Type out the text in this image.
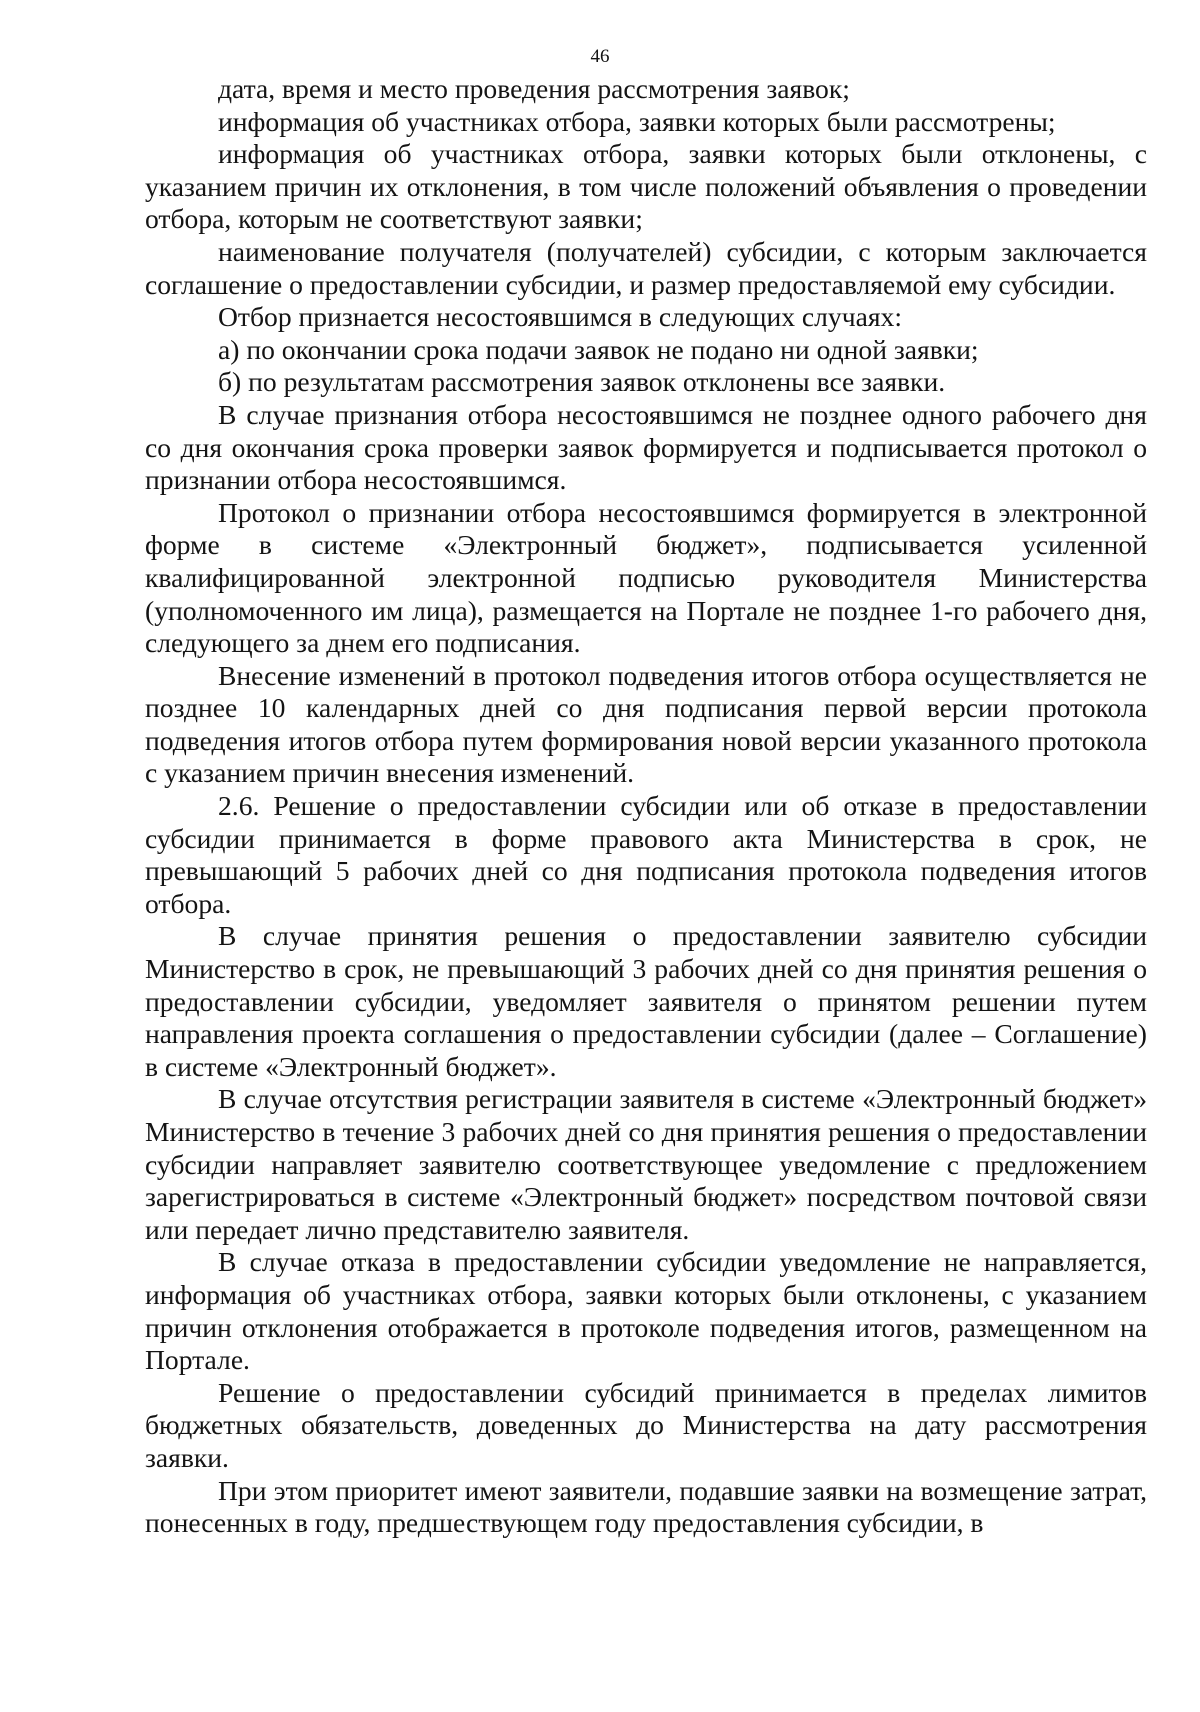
46

дата, время и место проведения рассмотрения заявок;

информация об участниках отбора, заявки которых были рассмотрены;

информация об участниках отбора, заявки которых были отклонены, с указанием причин их отклонения, в том числе положений объявления о проведении отбора, которым не соответствуют заявки;

наименование получателя (получателей) субсидии, с которым заключается соглашение о предоставлении субсидии, и размер предоставляемой ему субсидии.

Отбор признается несостоявшимся в следующих случаях:

а) по окончании срока подачи заявок не подано ни одной заявки;

б) по результатам рассмотрения заявок отклонены все заявки.

В случае признания отбора несостоявшимся не позднее одного рабочего дня со дня окончания срока проверки заявок формируется и подписывается протокол о признании отбора несостоявшимся.

Протокол о признании отбора несостоявшимся формируется в электронной форме в системе «Электронный бюджет», подписывается усиленной квалифицированной электронной подписью руководителя Министерства (уполномоченного им лица), размещается на Портале не позднее 1-го рабочего дня, следующего за днем его подписания.

Внесение изменений в протокол подведения итогов отбора осуществляется не позднее 10 календарных дней со дня подписания первой версии протокола подведения итогов отбора путем формирования новой версии указанного протокола с указанием причин внесения изменений.

2.6. Решение о предоставлении субсидии или об отказе в предоставлении субсидии принимается в форме правового акта Министерства в срок, не превышающий 5 рабочих дней со дня подписания протокола подведения итогов отбора.

В случае принятия решения о предоставлении заявителю субсидии Министерство в срок, не превышающий 3 рабочих дней со дня принятия решения о предоставлении субсидии, уведомляет заявителя о принятом решении путем направления проекта соглашения о предоставлении субсидии (далее – Соглашение) в системе «Электронный бюджет».

В случае отсутствия регистрации заявителя в системе «Электронный бюджет» Министерство в течение 3 рабочих дней со дня принятия решения о предоставлении субсидии направляет заявителю соответствующее уведомление с предложением зарегистрироваться в системе «Электронный бюджет» посредством почтовой связи или передает лично представителю заявителя.

В случае отказа в предоставлении субсидии уведомление не направляется, информация об участниках отбора, заявки которых были отклонены, с указанием причин отклонения отображается в протоколе подведения итогов, размещенном на Портале.

Решение о предоставлении субсидий принимается в пределах лимитов бюджетных обязательств, доведенных до Министерства на дату рассмотрения заявки.

При этом приоритет имеют заявители, подавшие заявки на возмещение затрат, понесенных в году, предшествующем году предоставления субсидии, в
